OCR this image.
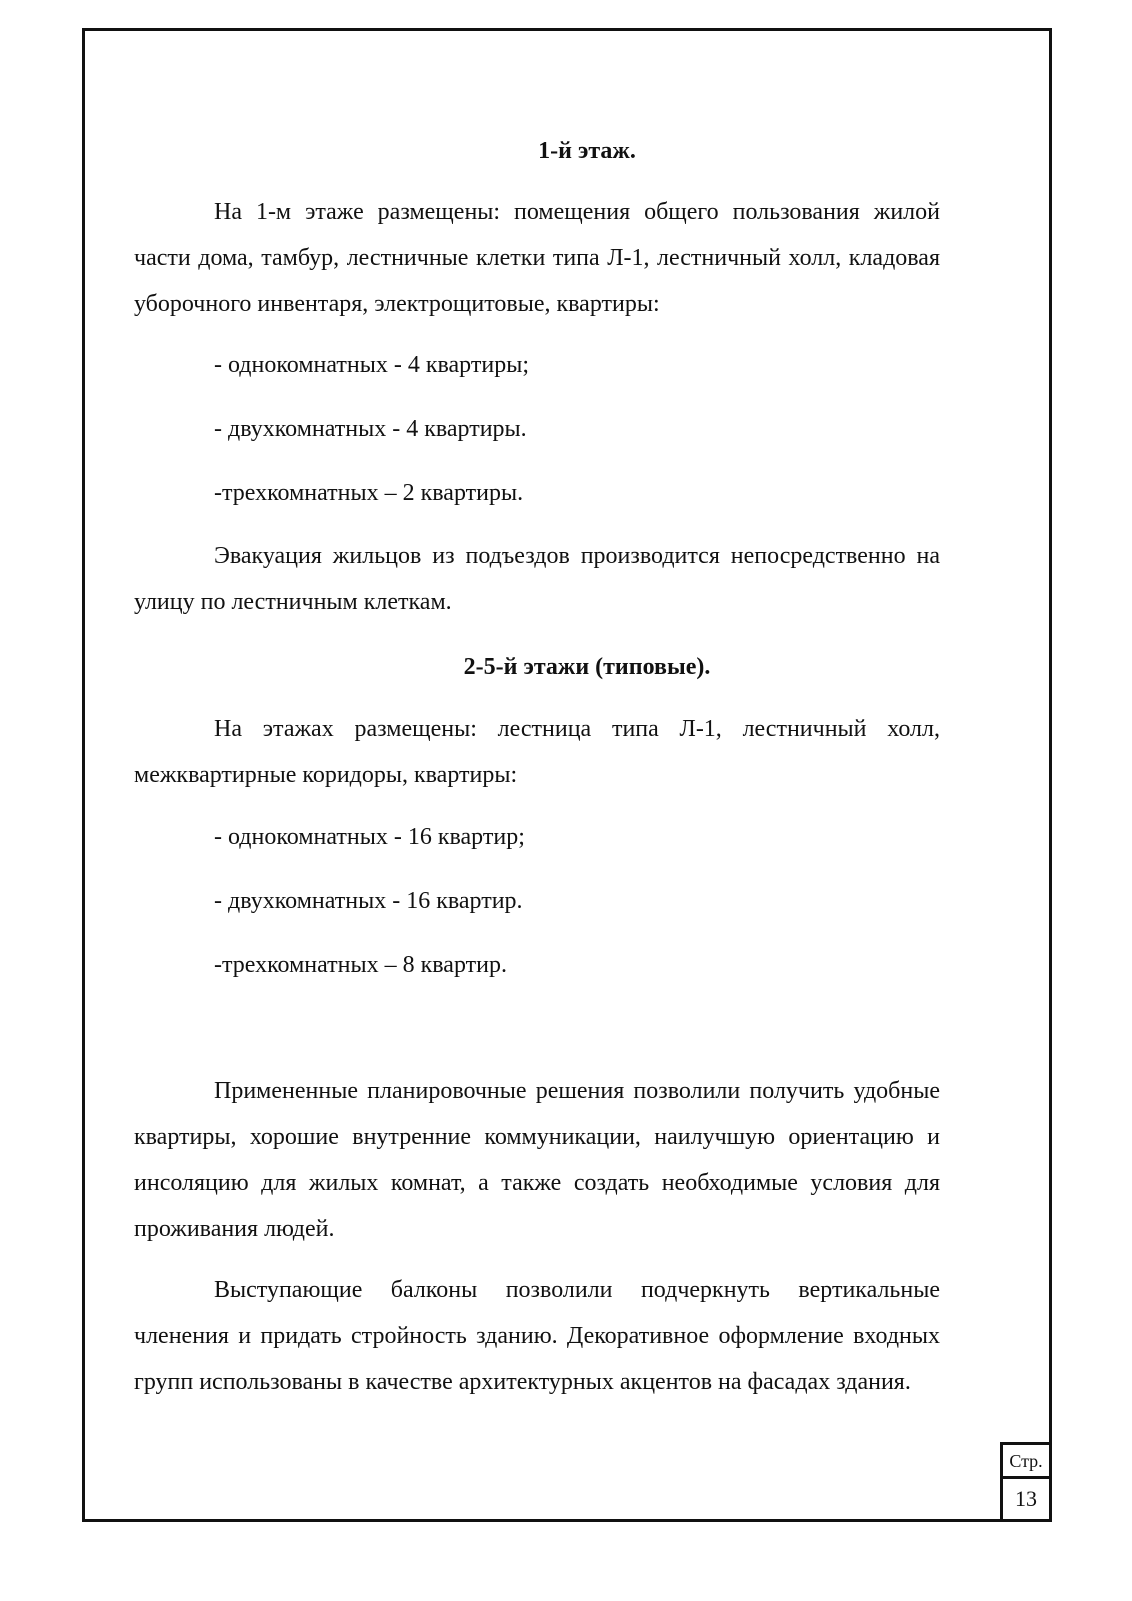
1-й этаж.
На 1-м этаже размещены: помещения общего пользования жилой части дома, тамбур, лестничные клетки типа Л-1, лестничный холл, кладовая уборочного инвентаря, электрощитовые, квартиры:
- однокомнатных - 4 квартиры;
- двухкомнатных - 4 квартиры.
-трехкомнатных – 2 квартиры.
Эвакуация жильцов из подъездов производится непосредственно на улицу по лестничным клеткам.
2-5-й этажи (типовые).
На этажах размещены: лестница типа Л-1, лестничный холл, межквартирные коридоры, квартиры:
- однокомнатных - 16 квартир;
- двухкомнатных - 16 квартир.
-трехкомнатных – 8 квартир.
Примененные планировочные решения позволили получить удобные квартиры, хорошие внутренние коммуникации, наилучшую ориентацию и инсоляцию для жилых комнат, а также создать необходимые условия для проживания людей.
Выступающие балконы позволили подчеркнуть вертикальные членения и придать стройность зданию. Декоративное оформление входных групп использованы в качестве архитектурных акцентов на фасадах здания.
Стр.
13
